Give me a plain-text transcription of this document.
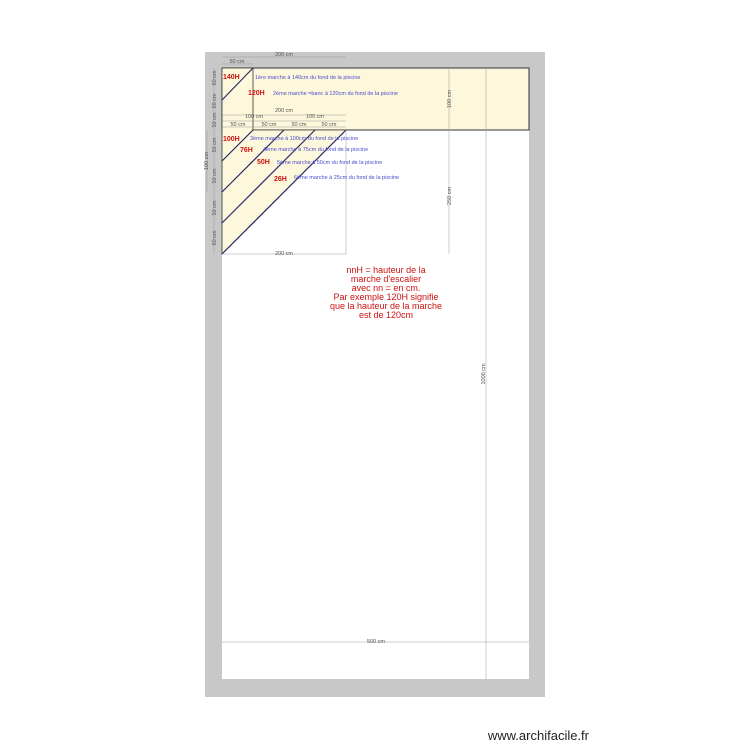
200 cm
50 cm
50 cm
50 cm
50 cm
50 cm
50 cm
50 cm
50 cm
100 cm
200 cm
100 cm	100 cm
50 cm	50 cm	50 cm	50 cm
200 cm
100 cm
250 cm
1000 cm
500 cm
140H
120H
100H
76H
50H
26H
1ère marche à 140cm du fond de la piscine
2ème marche =banc à 120cm du fond de la piscine
3ème marche à 100cm du fond de la piscine
4ème marche à 75cm du fond de la piscine
5ème marche à 50cm du fond de la piscine
6ème marche à 25cm du fond de la piscine
nnH = hauteur de la
marche d'escalier
avec nn = en cm.
Par exemple 120H signifie
que la hauteur de la marche
est de 120cm
www.archifacile.fr
